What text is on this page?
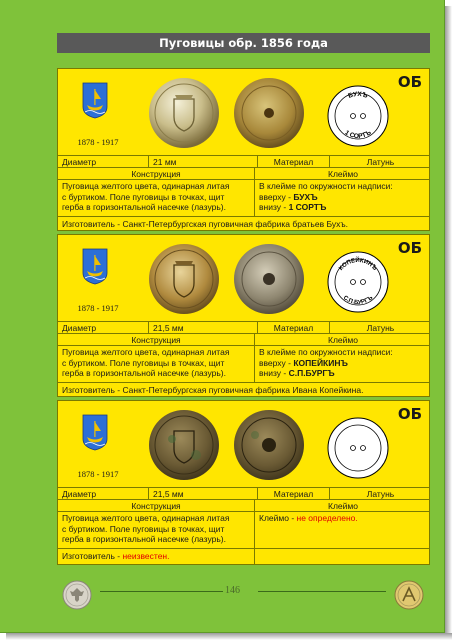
Пуговицы обр. 1856 года
1878 - 1917
ОБ
БУХЪ
1 СОРТЪ
Диаметр	21 мм	Материал	Латунь
Конструкция	Клеймо
Пуговица желтого цвета, одинарная литая
с буртиком. Поле пуговицы в точках, щит
герба в горизонтальной насечке (лазурь).
В клейме по окружности надписи:
вверху - БУХЪ
внизу - 1 СОРТЪ
Изготовитель - Санкт-Петербургская пуговичная фабрика братьев Бухъ.
1878 - 1917
ОБ
КОПЕЙКИНЪ
С.П.БУРГЪ
Диаметр	21,5 мм	Материал	Латунь
Конструкция	Клеймо
Пуговица желтого цвета, одинарная литая
с буртиком. Поле пуговицы в точках, щит
герба в горизонтальной насечке (лазурь).
В клейме по окружности надписи:
вверху - КОПЕЙКИНЪ
внизу - С.П.БУРГЪ
Изготовитель - Санкт-Петербургская пуговичная фабрика Ивана Копейкина.
1878 - 1917
ОБ
Диаметр	21,5 мм	Материал	Латунь
Конструкция	Клеймо
Пуговица желтого цвета, одинарная литая
с буртиком. Поле пуговицы в точках, щит
герба в горизонтальной насечке (лазурь).
Клеймо - не определено.
Изготовитель - неизвестен.
146
